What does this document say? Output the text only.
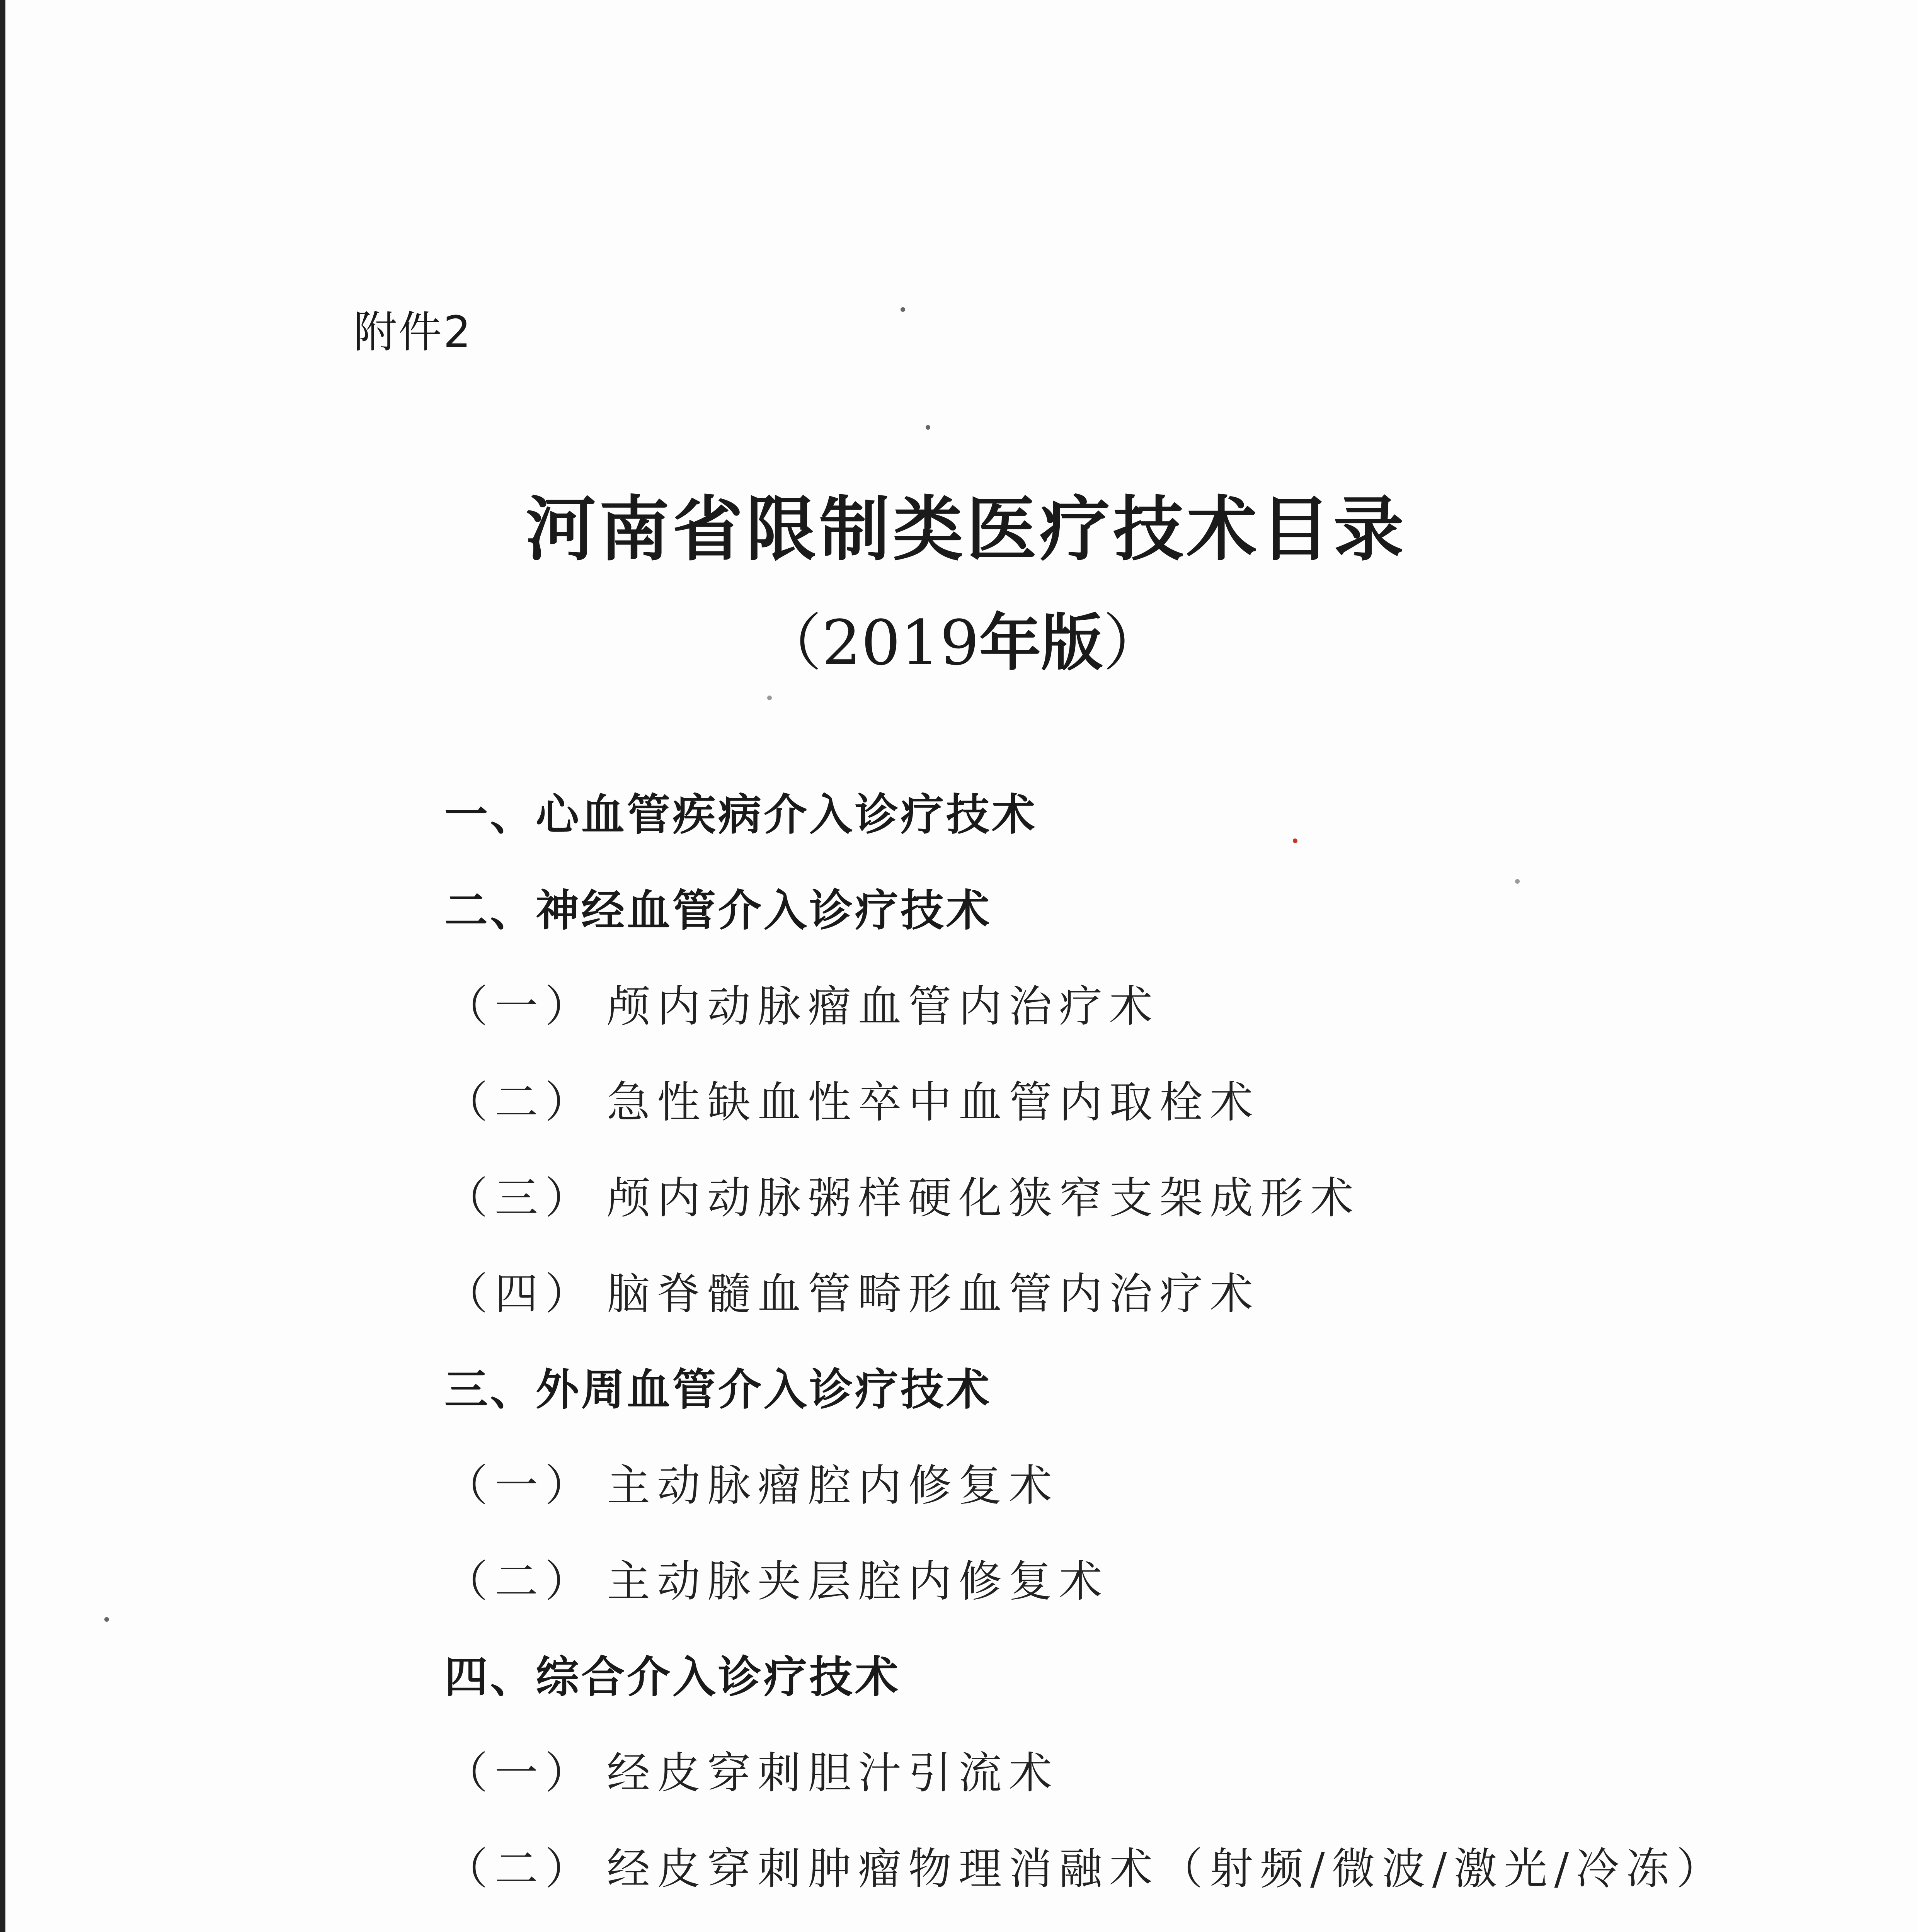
附件2
河南省限制类医疗技术目录
（2019年版）
一、心血管疾病介入诊疗技术
二、神经血管介入诊疗技术
（一） 颅内动脉瘤血管内治疗术
（二） 急性缺血性卒中血管内取栓术
（三） 颅内动脉粥样硬化狭窄支架成形术
（四） 脑脊髓血管畸形血管内治疗术
三、外周血管介入诊疗技术
（一） 主动脉瘤腔内修复术
（二） 主动脉夹层腔内修复术
四、综合介入诊疗技术
（一） 经皮穿刺胆汁引流术
（二） 经皮穿刺肿瘤物理消融术（射频/微波/激光/冷冻）
